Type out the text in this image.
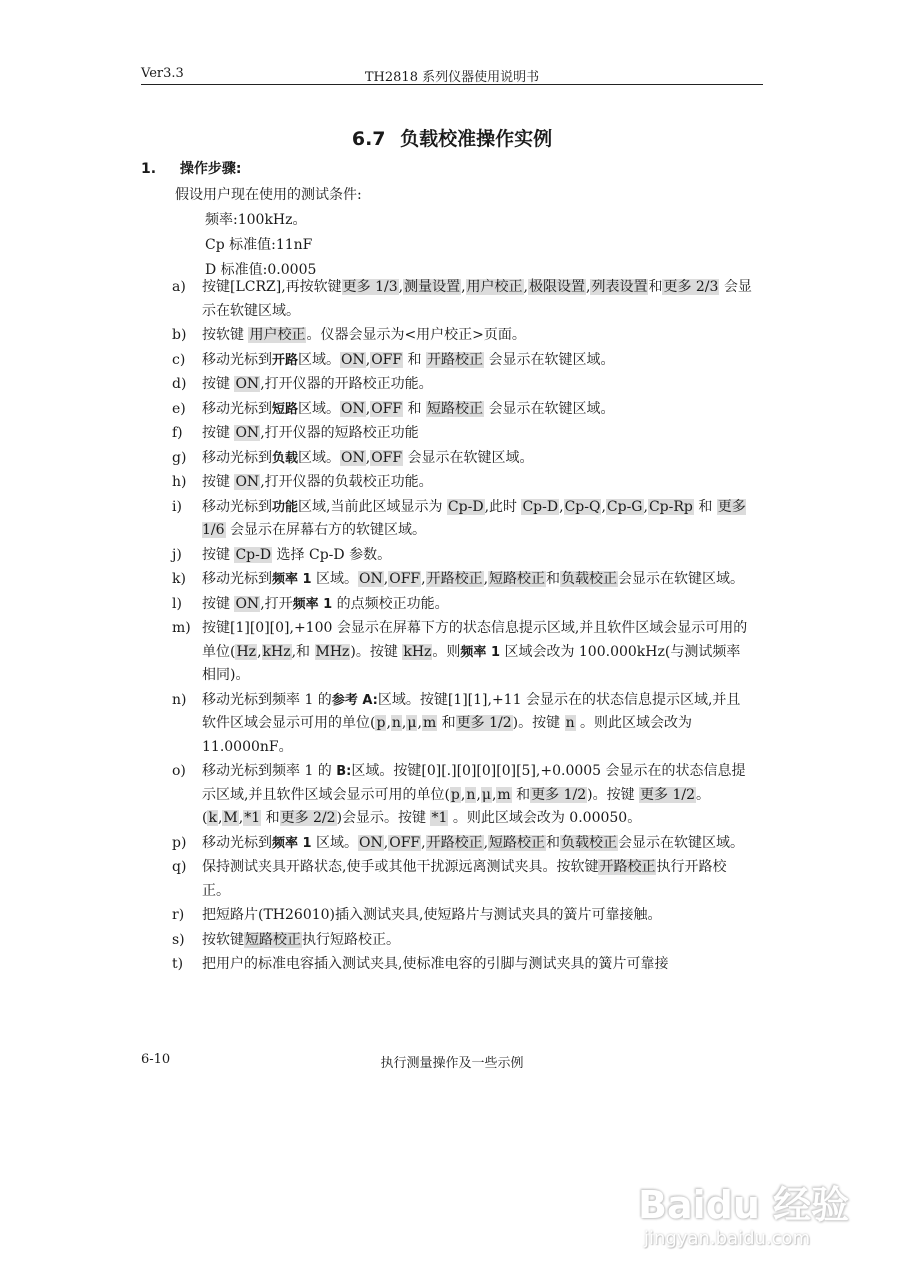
Ver3.3	TH2818 系列仪器使用说明书
6.7 负载校准操作实例
1. 操作步骤:
假设用户现在使用的测试条件:
频率:100kHz。
Cp 标准值:11nF
D 标准值:0.0005
a) 按键[LCRZ],再按软键更多 1/3,测量设置,用户校正,极限设置,列表设置和更多 2/3 会显示在软键区域。
b) 按软键 用户校正。仪器会显示为<用户校正>页面。
c) 移动光标到开路区域。ON,OFF 和 开路校正 会显示在软键区域。
d) 按键 ON,打开仪器的开路校正功能。
e) 移动光标到短路区域。ON,OFF 和 短路校正 会显示在软键区域。
f) 按键 ON,打开仪器的短路校正功能
g) 移动光标到负载区域。ON,OFF 会显示在软键区域。
h) 按键 ON,打开仪器的负载校正功能。
i) 移动光标到功能区域,当前此区域显示为 Cp-D,此时 Cp-D,Cp-Q,Cp-G,Cp-Rp 和 更多 1/6 会显示在屏幕右方的软键区域。
j) 按键 Cp-D 选择 Cp-D 参数。
k) 移动光标到频率 1 区域。ON,OFF,开路校正,短路校正和负载校正会显示在软键区域。
l) 按键 ON,打开频率 1 的点频校正功能。
m) 按键[1][0][0],+100 会显示在屏幕下方的状态信息提示区域,并且软件区域会显示可用的单位(Hz,kHz,和 MHz)。按键 kHz。则频率 1 区域会改为 100.000kHz(与测试频率相同)。
n) 移动光标到频率 1 的参考 A:区域。按键[1][1],+11 会显示在的状态信息提示区域,并且软件区域会显示可用的单位(p,n,μ,m 和更多 1/2)。按键 n 。则此区域会改为 11.0000nF。
o) 移动光标到频率 1 的 B:区域。按键[0][.][0][0][0][5],+0.0005 会显示在的状态信息提示区域,并且软件区域会显示可用的单位(p,n,μ,m 和更多 1/2)。按键 更多 1/2。(k,M,*1 和更多 2/2)会显示。按键 *1 。则此区域会改为 0.00050。
p) 移动光标到频率 1 区域。ON,OFF,开路校正,短路校正和负载校正会显示在软键区域。
q) 保持测试夹具开路状态,使手或其他干扰源远离测试夹具。按软键开路校正执行开路校正。
r) 把短路片(TH26010)插入测试夹具,使短路片与测试夹具的簧片可靠接触。
s) 按软键短路校正执行短路校正。
t) 把用户的标准电容插入测试夹具,使标准电容的引脚与测试夹具的簧片可靠接
6-10	执行测量操作及一些示例
Baidu 经验
jingyan.baidu.com
